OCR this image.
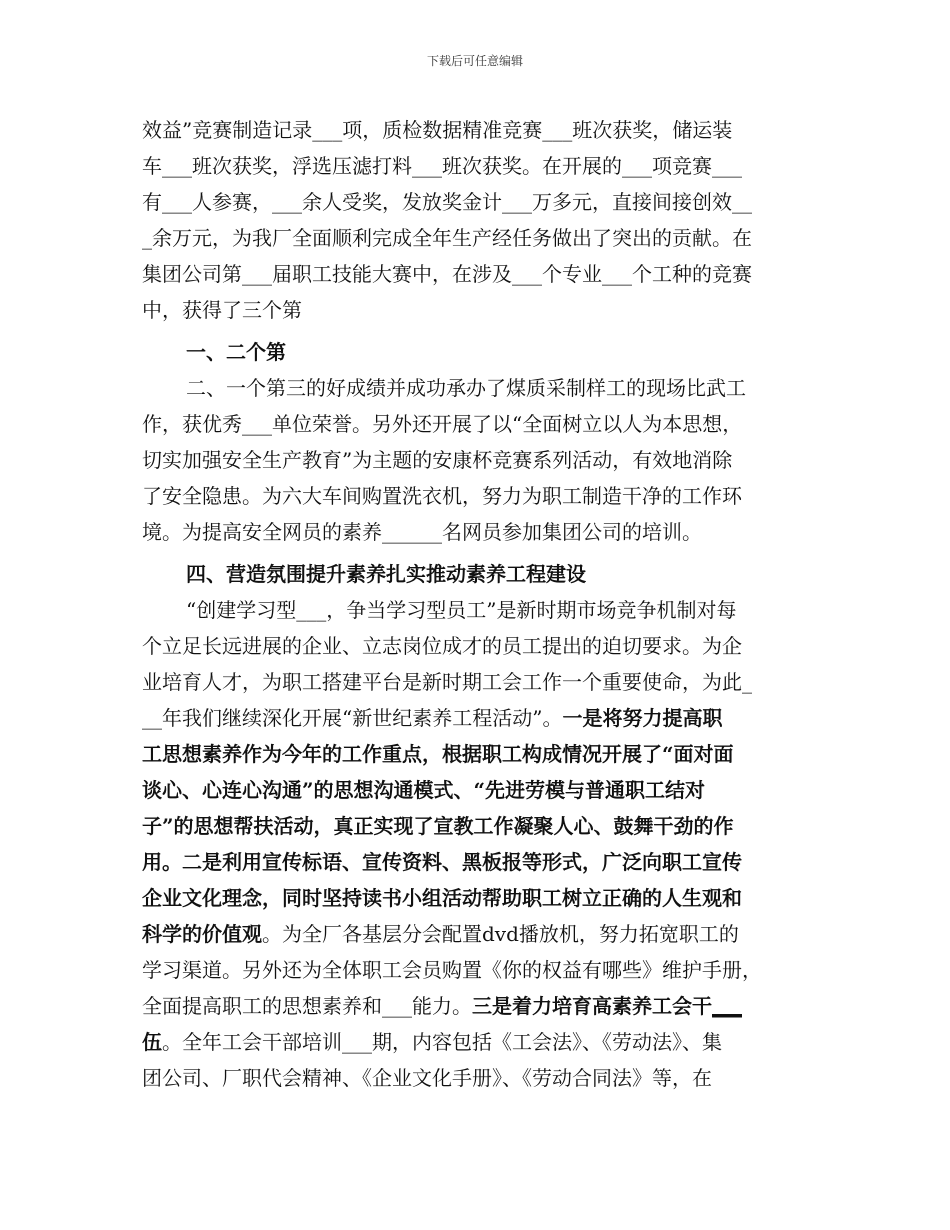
下载后可任意编辑
效益”竞赛制造记录___项，质检数据精准竞赛___班次获奖，储运装
车___班次获奖，浮选压滤打料___班次获奖。在开展的___项竞赛___
有___人参赛，___余人受奖，发放奖金计___万多元，直接间接创效__
_余万元，为我厂全面顺利完成全年生产经任务做出了突出的贡献。在
集团公司第___届职工技能大赛中，在涉及___个专业___个工种的竞赛
中，获得了三个第
一、二个第
二、一个第三的好成绩并成功承办了煤质采制样工的现场比武工
作，获优秀___单位荣誉。另外还开展了以“全面树立以人为本思想，
切实加强安全生产教育”为主题的安康杯竞赛系列活动，有效地消除
了安全隐患。为六大车间购置洗衣机，努力为职工制造干净的工作环
境。为提高安全网员的素养______名网员参加集团公司的培训。
四、营造氛围提升素养扎实推动素养工程建设
“创建学习型___，争当学习型员工”是新时期市场竞争机制对每
个立足长远进展的企业、立志岗位成才的员工提出的迫切要求。为企
业培育人才，为职工搭建平台是新时期工会工作一个重要使命，为此_
__年我们继续深化开展“新世纪素养工程活动”。一是将努力提高职
工思想素养作为今年的工作重点，根据职工构成情况开展了“面对面
谈心、心连心沟通”的思想沟通模式、“先进劳模与普通职工结对
子”的思想帮扶活动，真正实现了宣教工作凝聚人心、鼓舞干劲的作
用。二是利用宣传标语、宣传资料、黑板报等形式，广泛向职工宣传
企业文化理念，同时坚持读书小组活动帮助职工树立正确的人生观和
科学的价值观。为全厂各基层分会配置dvd播放机，努力拓宽职工的
学习渠道。另外还为全体职工会员购置《你的权益有哪些》维护手册，
全面提高职工的思想素养和___能力。三是着力培育高素养工会干___
伍。全年工会干部培训___期，内容包括《工会法》、《劳动法》、集
团公司、厂职代会精神、《企业文化手册》、《劳动合同法》等，在
